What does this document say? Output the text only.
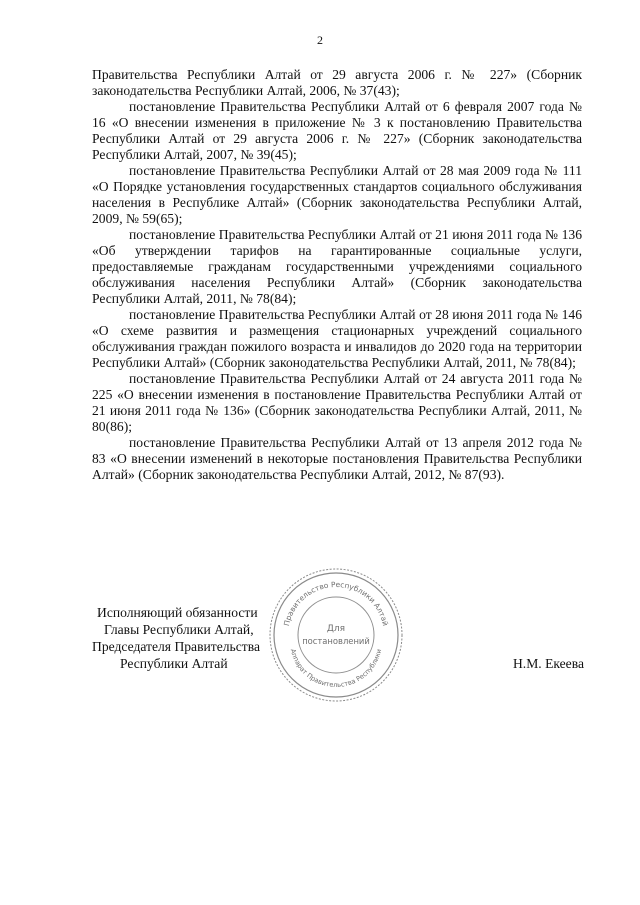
2

Правительства Республики Алтай от 29 августа 2006 г. № 227» (Сборник законодательства Республики Алтай, 2006, № 37(43);

постановление Правительства Республики Алтай от 6 февраля 2007 года № 16 «О внесении изменения в приложение № 3 к постановлению Правительства Республики Алтай от 29 августа 2006 г. № 227» (Сборник законодательства Республики Алтай, 2007, № 39(45);

постановление Правительства Республики Алтай от 28 мая 2009 года № 111 «О Порядке установления государственных стандартов социального обслуживания населения в Республике Алтай» (Сборник законодательства Республики Алтай, 2009, № 59(65);

постановление Правительства Республики Алтай от 21 июня 2011 года № 136 «Об утверждении тарифов на гарантированные социальные услуги, предоставляемые гражданам государственными учреждениями социального обслуживания населения Республики Алтай» (Сборник законодательства Республики Алтай, 2011, № 78(84);

постановление Правительства Республики Алтай от 28 июня 2011 года № 146 «О схеме развития и размещения стационарных учреждений социального обслуживания граждан пожилого возраста и инвалидов до 2020 года на территории Республики Алтай» (Сборник законодательства Республики Алтай, 2011, № 78(84);

постановление Правительства Республики Алтай от 24 августа 2011 года № 225 «О внесении изменения в постановление Правительства Республики Алтай от 21 июня 2011 года № 136» (Сборник законодательства Республики Алтай, 2011, № 80(86);

постановление Правительства Республики Алтай от 13 апреля 2012 года № 83 «О внесении изменений в некоторые постановления Правительства Республики Алтай» (Сборник законодательства Республики Алтай, 2012, № 87(93).

Исполняющий обязанности
Главы Республики Алтай,
Председателя Правительства
Республики Алтай	Н.М. Екеева
Правительство Республики Алтай
Аппарат Правительства Республики
Для
постановлений
